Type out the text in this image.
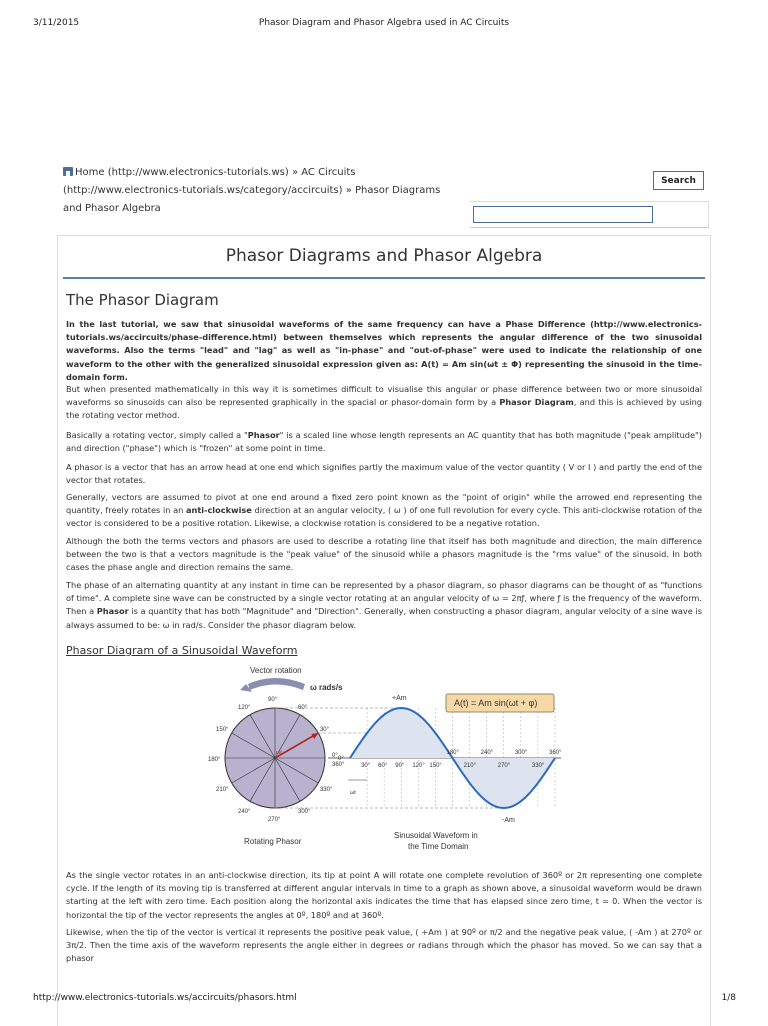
3/11/2015	Phasor Diagram and Phasor Algebra used in AC Circuits
Home (http://www.electronics-tutorials.ws) » AC Circuits (http://www.electronics-tutorials.ws/category/accircuits) » Phasor Diagrams and Phasor Algebra
Search
Phasor Diagrams and Phasor Algebra
The Phasor Diagram
In the last tutorial, we saw that sinusoidal waveforms of the same frequency can have a Phase Difference (http://www.electronics-tutorials.ws/accircuits/phase-difference.html) between themselves which represents the angular difference of the two sinusoidal waveforms. Also the terms "lead" and "lag" as well as "in-phase" and "out-of-phase" were used to indicate the relationship of one waveform to the other with the generalized sinusoidal expression given as: A(t) = Am sin(ωt ± Φ) representing the sinusoid in the time-domain form.
But when presented mathematically in this way it is sometimes difficult to visualise this angular or phase difference between two or more sinusoidal waveforms so sinusoids can also be represented graphically in the spacial or phasor-domain form by a Phasor Diagram, and this is achieved by using the rotating vector method.
Basically a rotating vector, simply called a "Phasor" is a scaled line whose length represents an AC quantity that has both magnitude ("peak amplitude") and direction ("phase") which is "frozen" at some point in time.
A phasor is a vector that has an arrow head at one end which signifies partly the maximum value of the vector quantity ( V or I ) and partly the end of the vector that rotates.
Generally, vectors are assumed to pivot at one end around a fixed zero point known as the "point of origin" while the arrowed end representing the quantity, freely rotates in an anti-clockwise direction at an angular velocity, ( ω ) of one full revolution for every cycle. This anti-clockwise rotation of the vector is considered to be a positive rotation. Likewise, a clockwise rotation is considered to be a negative rotation.
Although the both the terms vectors and phasors are used to describe a rotating line that itself has both magnitude and direction, the main difference between the two is that a vectors magnitude is the "peak value" of the sinusoid while a phasors magnitude is the "rms value" of the sinusoid. In both cases the phase angle and direction remains the same.
The phase of an alternating quantity at any instant in time can be represented by a phasor diagram, so phasor diagrams can be thought of as "functions of time". A complete sine wave can be constructed by a single vector rotating at an angular velocity of ω = 2πƒ, where ƒ is the frequency of the waveform. Then a Phasor is a quantity that has both "Magnitude" and "Direction". Generally, when constructing a phasor diagram, angular velocity of a sine wave is always assumed to be: ω in rad/s. Consider the phasor diagram below.
Phasor Diagram of a Sinusoidal Waveform
Vector rotation
ω rads/s
90°
60°
30°
0°
360°
330°
300°
270°
240°
210°
180°
150°
120°
180°	240°	300°	360°
30° 60° 90° 120° 150°	210°	270°	330°
A(t) = Am sin(ωt + φ)
+Am
-Am
0°
ωt
ωt
Rotating Phasor
Sinusoidal Waveform in
the Time Domain
As the single vector rotates in an anti-clockwise direction, its tip at point A will rotate one complete revolution of 360º or 2π representing one complete cycle. If the length of its moving tip is transferred at different angular intervals in time to a graph as shown above, a sinusoidal waveform would be drawn starting at the left with zero time. Each position along the horizontal axis indicates the time that has elapsed since zero time, t = 0. When the vector is horizontal the tip of the vector represents the angles at 0º, 180º and at 360º.
Likewise, when the tip of the vector is vertical it represents the positive peak value, ( +Am ) at 90º or π/2 and the negative peak value, ( -Am ) at 270º or 3π/2. Then the time axis of the waveform represents the angle either in degrees or radians through which the phasor has moved. So we can say that a phasor
http://www.electronics-tutorials.ws/accircuits/phasors.html	1/8
